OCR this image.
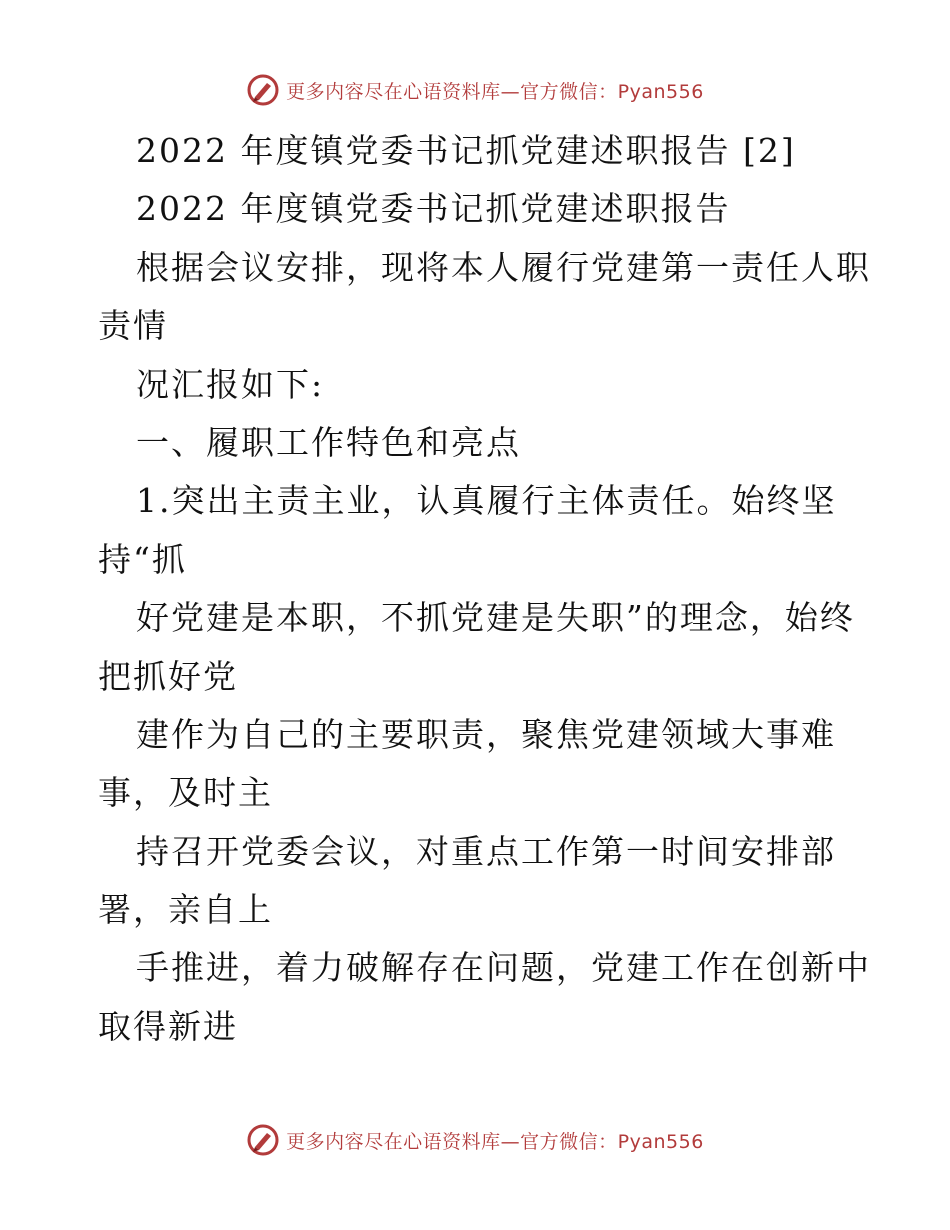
更多内容尽在心语资料库—官方微信：Pyan556
2022 年度镇党委书记抓党建述职报告 [2]
2022 年度镇党委书记抓党建述职报告
根据会议安排，现将本人履行党建第一责任人职
责情
况汇报如下:
一、履职工作特色和亮点
1.突出主责主业，认真履行主体责任。始终坚
持“抓
好党建是本职，不抓党建是失职”的理念，始终
把抓好党
建作为自己的主要职责，聚焦党建领域大事难
事，及时主
持召开党委会议，对重点工作第一时间安排部
署，亲自上
手推进，着力破解存在问题，党建工作在创新中
取得新进
更多内容尽在心语资料库—官方微信：Pyan556
